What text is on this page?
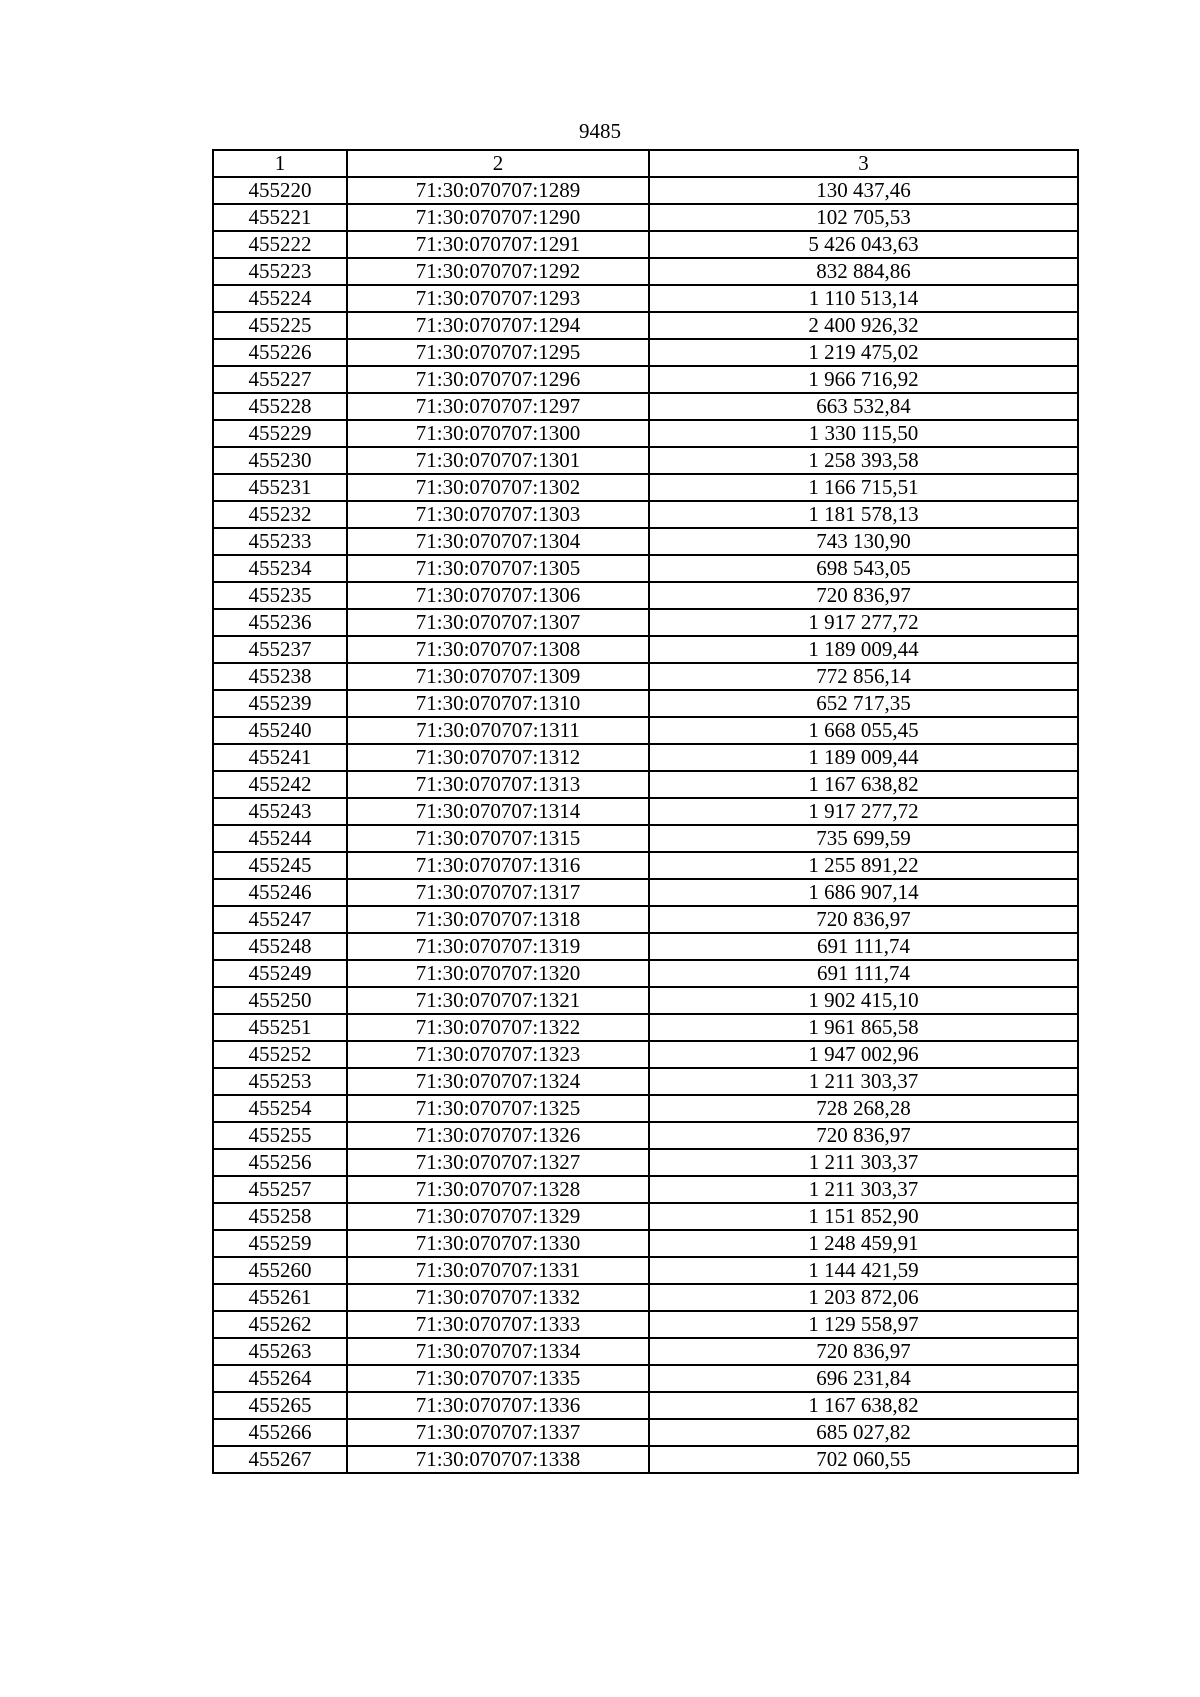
9485
1	2	3
455220	71:30:070707:1289	130 437,46
455221	71:30:070707:1290	102 705,53
455222	71:30:070707:1291	5 426 043,63
455223	71:30:070707:1292	832 884,86
455224	71:30:070707:1293	1 110 513,14
455225	71:30:070707:1294	2 400 926,32
455226	71:30:070707:1295	1 219 475,02
455227	71:30:070707:1296	1 966 716,92
455228	71:30:070707:1297	663 532,84
455229	71:30:070707:1300	1 330 115,50
455230	71:30:070707:1301	1 258 393,58
455231	71:30:070707:1302	1 166 715,51
455232	71:30:070707:1303	1 181 578,13
455233	71:30:070707:1304	743 130,90
455234	71:30:070707:1305	698 543,05
455235	71:30:070707:1306	720 836,97
455236	71:30:070707:1307	1 917 277,72
455237	71:30:070707:1308	1 189 009,44
455238	71:30:070707:1309	772 856,14
455239	71:30:070707:1310	652 717,35
455240	71:30:070707:1311	1 668 055,45
455241	71:30:070707:1312	1 189 009,44
455242	71:30:070707:1313	1 167 638,82
455243	71:30:070707:1314	1 917 277,72
455244	71:30:070707:1315	735 699,59
455245	71:30:070707:1316	1 255 891,22
455246	71:30:070707:1317	1 686 907,14
455247	71:30:070707:1318	720 836,97
455248	71:30:070707:1319	691 111,74
455249	71:30:070707:1320	691 111,74
455250	71:30:070707:1321	1 902 415,10
455251	71:30:070707:1322	1 961 865,58
455252	71:30:070707:1323	1 947 002,96
455253	71:30:070707:1324	1 211 303,37
455254	71:30:070707:1325	728 268,28
455255	71:30:070707:1326	720 836,97
455256	71:30:070707:1327	1 211 303,37
455257	71:30:070707:1328	1 211 303,37
455258	71:30:070707:1329	1 151 852,90
455259	71:30:070707:1330	1 248 459,91
455260	71:30:070707:1331	1 144 421,59
455261	71:30:070707:1332	1 203 872,06
455262	71:30:070707:1333	1 129 558,97
455263	71:30:070707:1334	720 836,97
455264	71:30:070707:1335	696 231,84
455265	71:30:070707:1336	1 167 638,82
455266	71:30:070707:1337	685 027,82
455267	71:30:070707:1338	702 060,55
